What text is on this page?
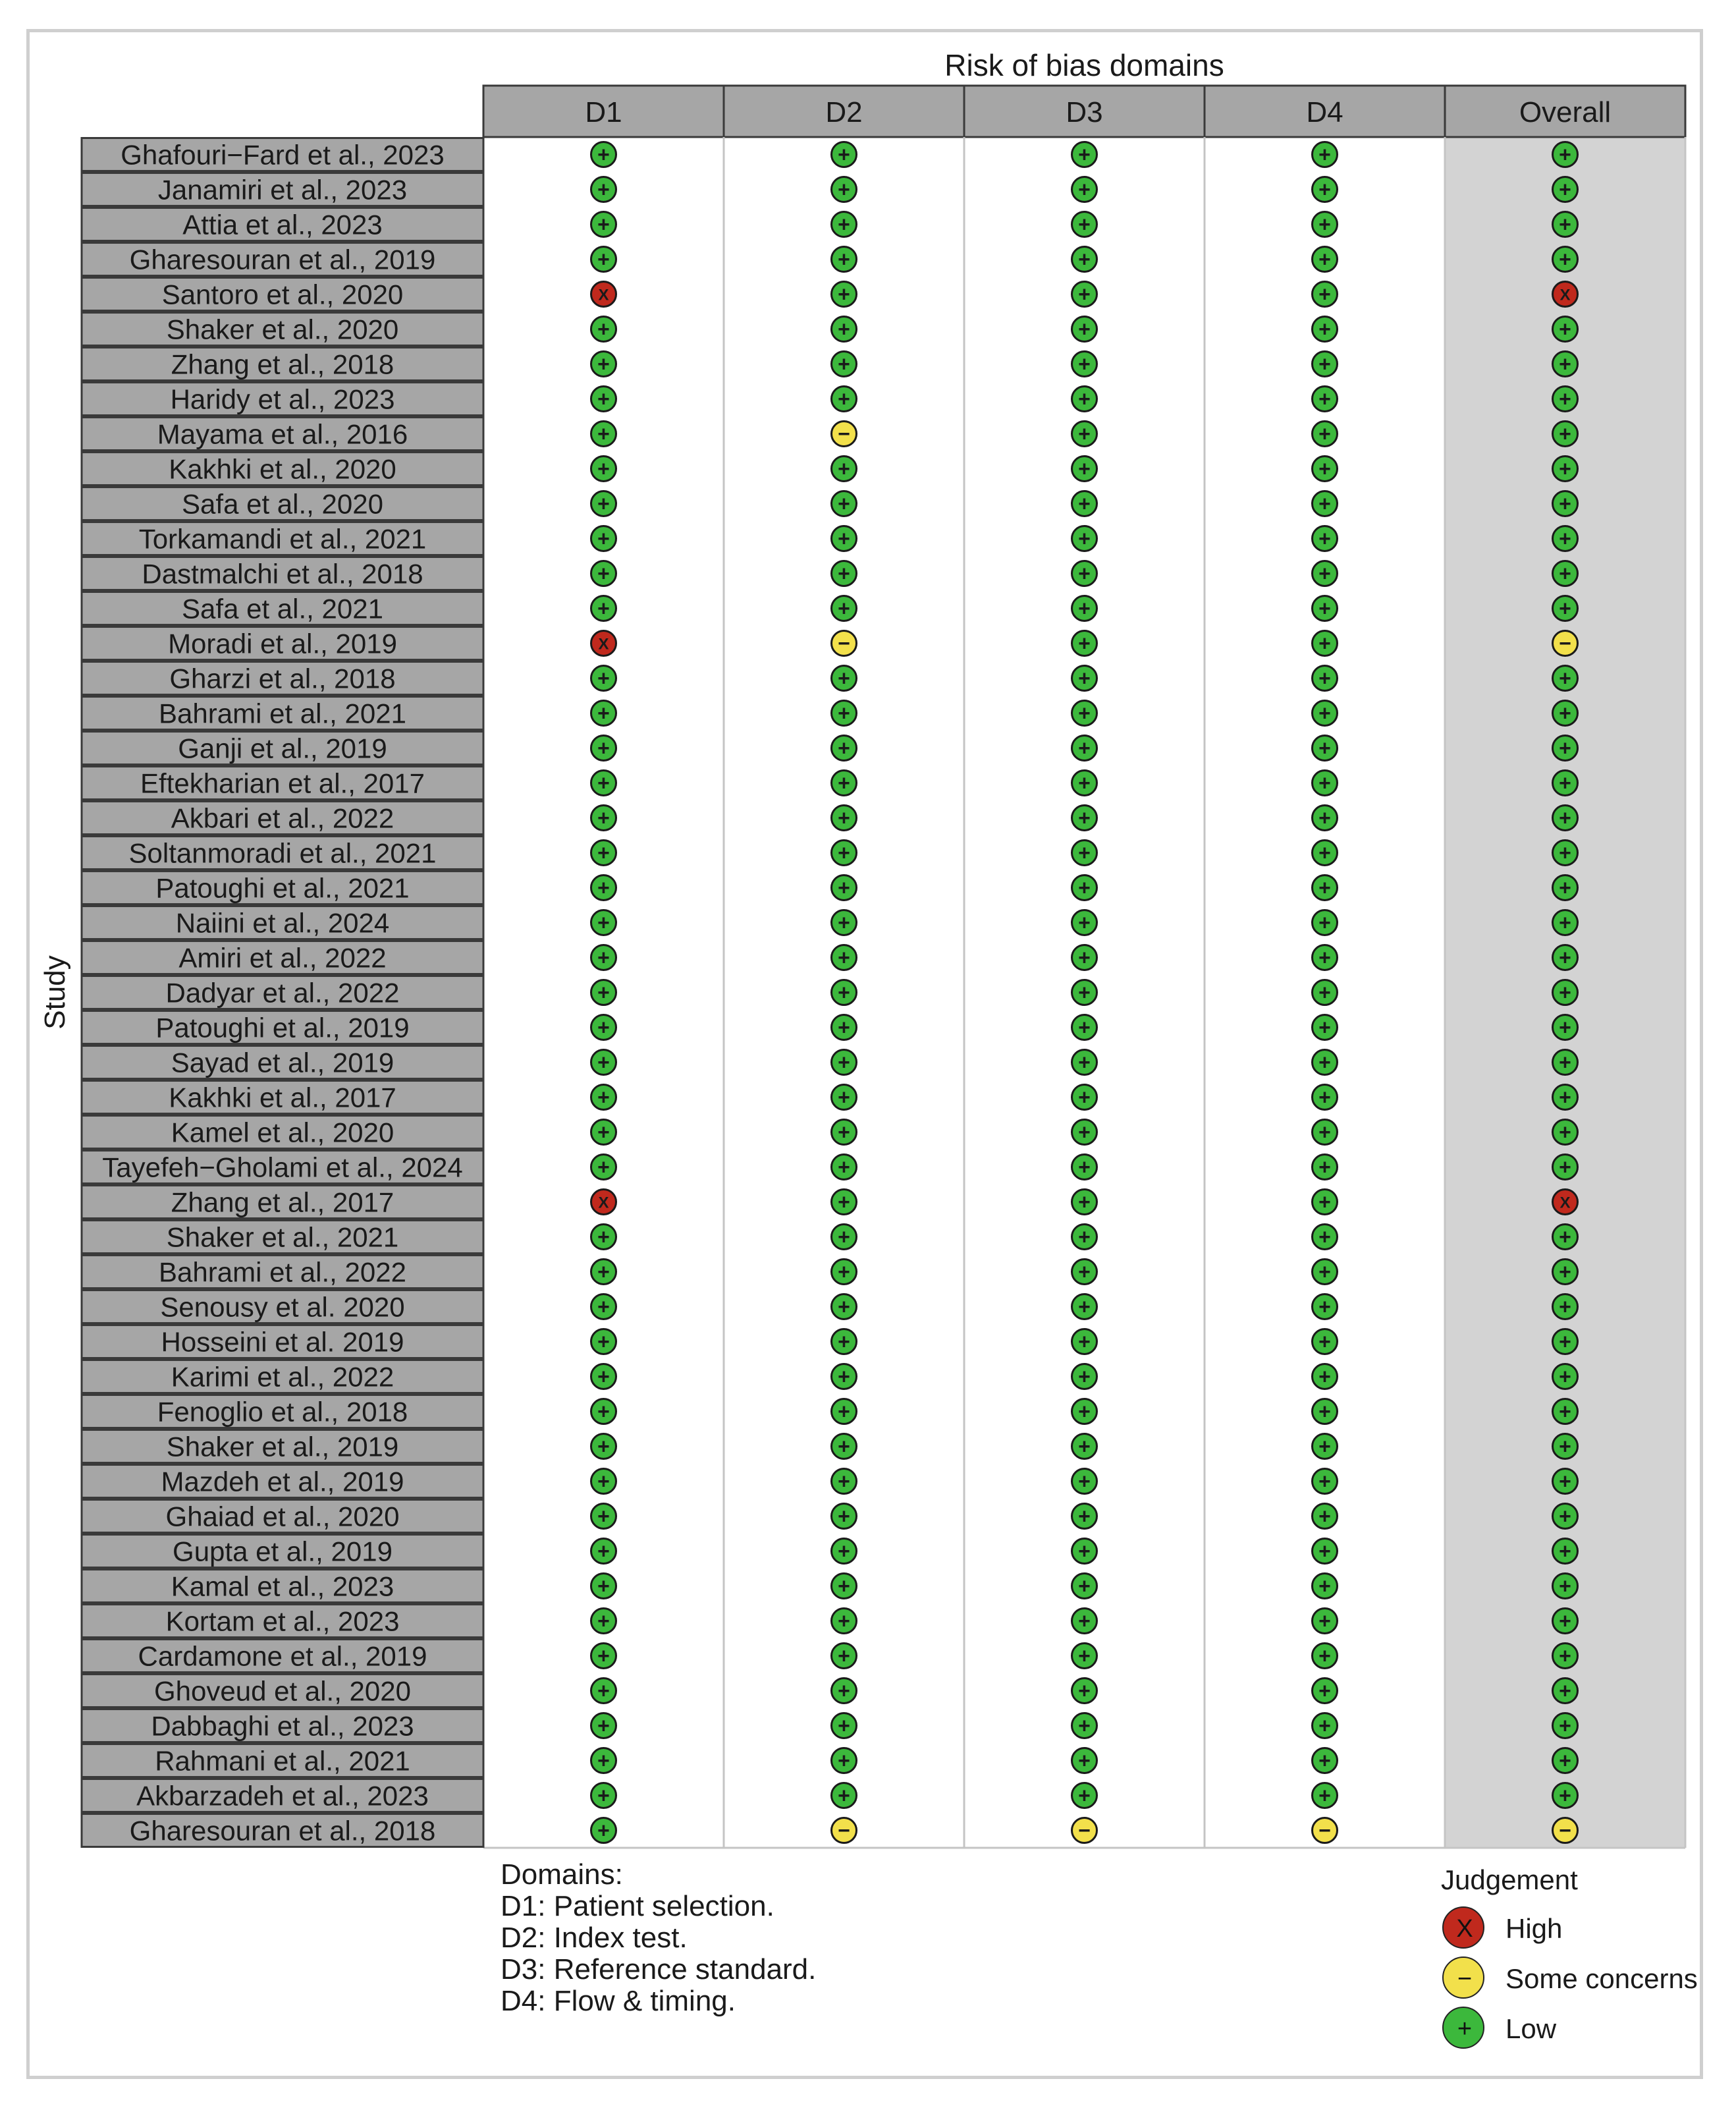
Risk of bias domains
D1	D2	D3	D4	Overall
Study
Ghafouri−Fard et al., 2023	+	+	+	+	+
Janamiri et al., 2023	+	+	+	+	+
Attia et al., 2023	+	+	+	+	+
Gharesouran et al., 2019	+	+	+	+	+
Santoro et al., 2020	X	+	+	+	X
Shaker et al., 2020	+	+	+	+	+
Zhang et al., 2018	+	+	+	+	+
Haridy et al., 2023	+	+	+	+	+
Mayama et al., 2016	+	−	+	+	+
Kakhki et al., 2020	+	+	+	+	+
Safa et al., 2020	+	+	+	+	+
Torkamandi et al., 2021	+	+	+	+	+
Dastmalchi et al., 2018	+	+	+	+	+
Safa et al., 2021	+	+	+	+	+
Moradi et al., 2019	X	−	+	+	−
Gharzi et al., 2018	+	+	+	+	+
Bahrami et al., 2021	+	+	+	+	+
Ganji et al., 2019	+	+	+	+	+
Eftekharian et al., 2017	+	+	+	+	+
Akbari et al., 2022	+	+	+	+	+
Soltanmoradi et al., 2021	+	+	+	+	+
Patoughi et al., 2021	+	+	+	+	+
Naiini et al., 2024	+	+	+	+	+
Amiri et al., 2022	+	+	+	+	+
Dadyar et al., 2022	+	+	+	+	+
Patoughi et al., 2019	+	+	+	+	+
Sayad et al., 2019	+	+	+	+	+
Kakhki et al., 2017	+	+	+	+	+
Kamel et al., 2020	+	+	+	+	+
Tayefeh−Gholami et al., 2024	+	+	+	+	+
Zhang et al., 2017	X	+	+	+	X
Shaker et al., 2021	+	+	+	+	+
Bahrami et al., 2022	+	+	+	+	+
Senousy et al. 2020	+	+	+	+	+
Hosseini et al. 2019	+	+	+	+	+
Karimi et al., 2022	+	+	+	+	+
Fenoglio et al., 2018	+	+	+	+	+
Shaker et al., 2019	+	+	+	+	+
Mazdeh et al., 2019	+	+	+	+	+
Ghaiad et al., 2020	+	+	+	+	+
Gupta et al., 2019	+	+	+	+	+
Kamal et al., 2023	+	+	+	+	+
Kortam et al., 2023	+	+	+	+	+
Cardamone et al., 2019	+	+	+	+	+
Ghoveud et al., 2020	+	+	+	+	+
Dabbaghi et al., 2023	+	+	+	+	+
Rahmani et al., 2021	+	+	+	+	+
Akbarzadeh et al., 2023	+	+	+	+	+
Gharesouran et al., 2018	+	−	−	−	−
Domains:
D1: Patient selection.
D2: Index test.
D3: Reference standard.
D4: Flow & timing.
Judgement
X	High
−	Some concerns
+	Low
